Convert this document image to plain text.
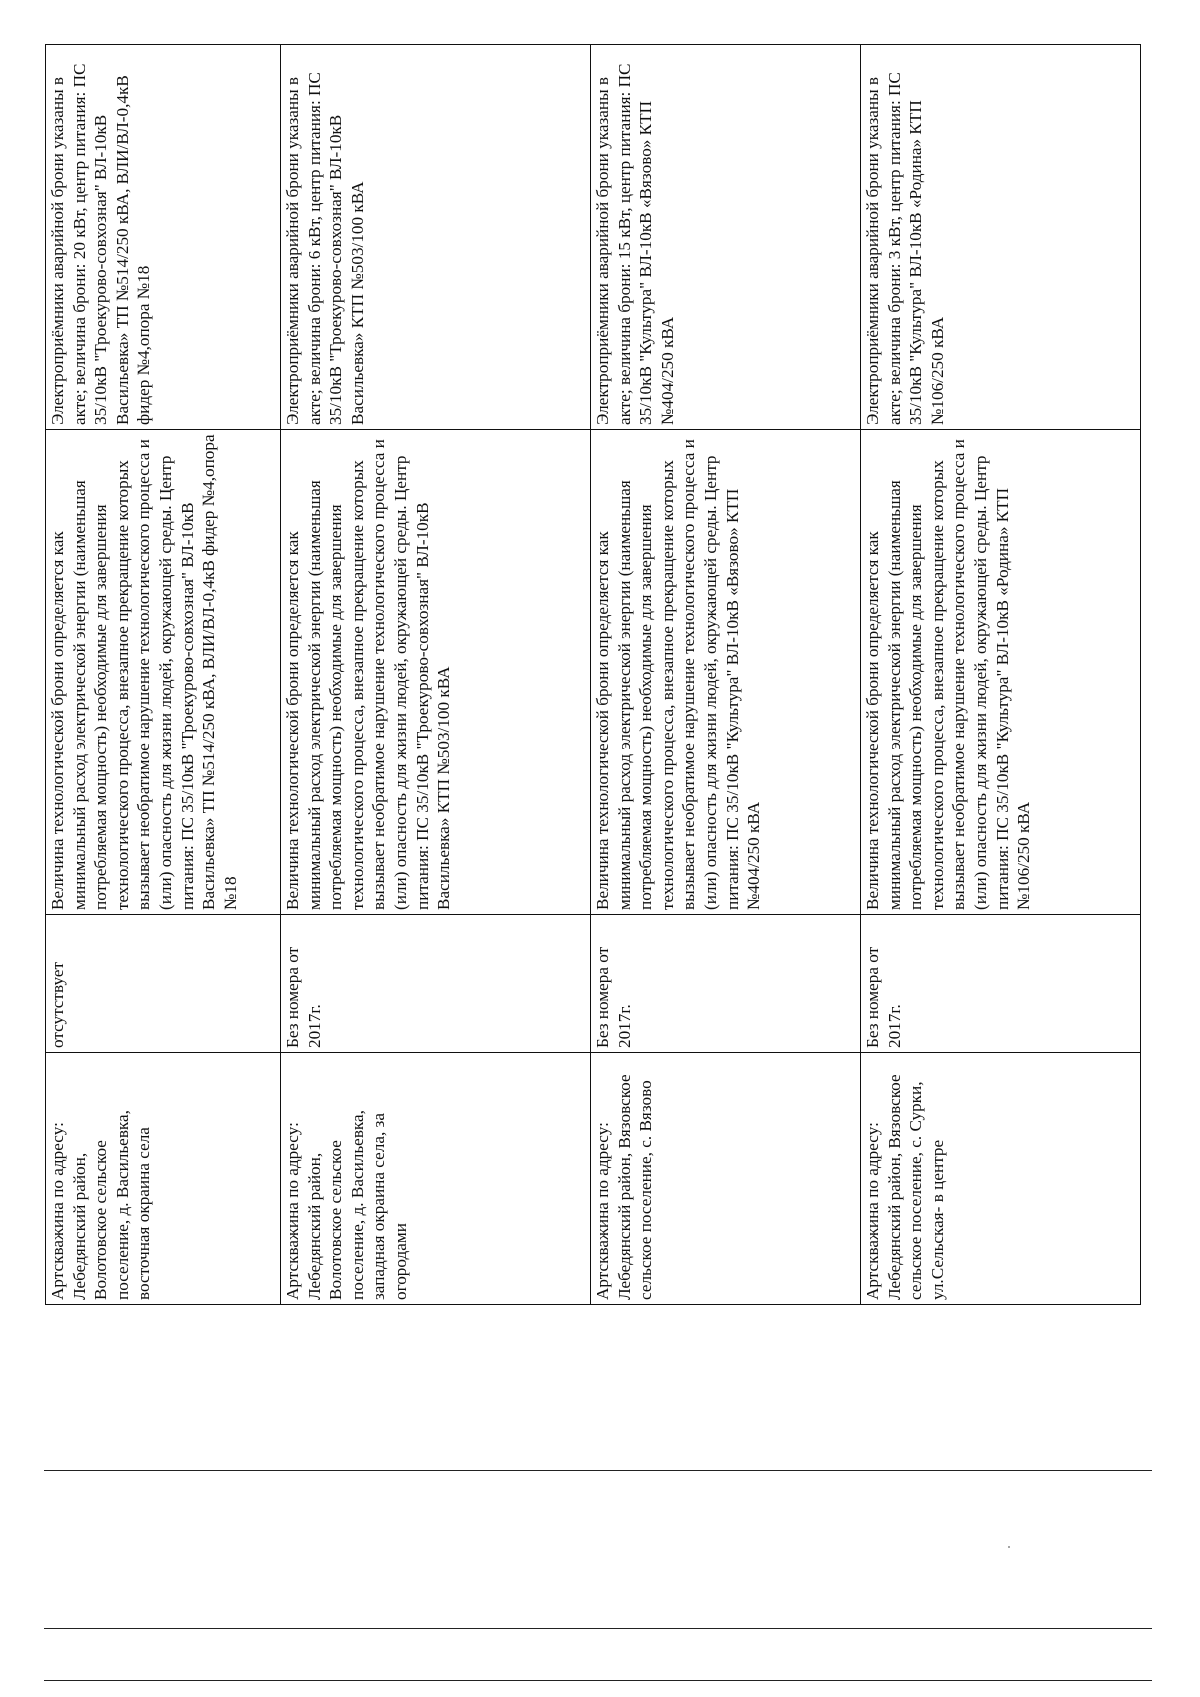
Артскважина по адресу: Лебедянский район, Волотовское сельское поселение, д. Васильевка, восточная окраина села	отсутствует	Величина технологической брони определяется как минимальный расход электрической энергии (наименьшая потребляемая мощность) необходимые для завершения технологического процесса, внезапное прекращение которых вызывает необратимое нарушение технологического процесса и (или) опасность для жизни людей, окружающей среды. Центр питания: ПС 35/10кВ "Троекурово-совхозная" ВЛ-10кВ Васильевка» ТП №514/250 кВА, ВЛИ/ВЛ-0,4кВ фидер №4,опора №18	Электроприёмники аварийной брони указаны в акте; величина брони: 20 кВт, центр питания: ПС 35/10кВ "Троекурово-совхозная" ВЛ-10кВ Васильевка» ТП №514/250 кВА, ВЛИ/ВЛ-0,4кВ фидер №4,опора №18
Артскважина по адресу: Лебедянский район, Волотовское сельское поселение, д. Васильевка, западная окраина села, за огородами	Без номера от 2017г.	Величина технологической брони определяется как минимальный расход электрической энергии (наименьшая потребляемая мощность) необходимые для завершения технологического процесса, внезапное прекращение которых вызывает необратимое нарушение технологического процесса и (или) опасность для жизни людей, окружающей среды. Центр питания: ПС 35/10кВ "Троекурово-совхозная" ВЛ-10кВ Васильевка» КТП №503/100 кВА	Электроприёмники аварийной брони указаны в акте; величина брони: 6 кВт, центр питания: ПС 35/10кВ "Троекурово-совхозная" ВЛ-10кВ Васильевка» КТП №503/100 кВА
Артскважина по адресу: Лебедянский район, Вязовское сельское поселение, с. Вязово	Без номера от 2017г.	Величина технологической брони определяется как минимальный расход электрической энергии (наименьшая потребляемая мощность) необходимые для завершения технологического процесса, внезапное прекращение которых вызывает необратимое нарушение технологического процесса и (или) опасность для жизни людей, окружающей среды. Центр питания: ПС 35/10кВ "Культура" ВЛ-10кВ «Вязово» КТП №404/250 кВА	Электроприёмники аварийной брони указаны в акте; величина брони: 15 кВт, центр питания: ПС 35/10кВ "Культура" ВЛ-10кВ «Вязово» КТП №404/250 кВА
Артскважина по адресу: Лебедянский район, Вязовское сельское поселение, с. Сурки, ул.Сельская- в центре	Без номера от 2017г.	Величина технологической брони определяется как минимальный расход электрической энергии (наименьшая потребляемая мощность) необходимые для завершения технологического процесса, внезапное прекращение которых вызывает необратимое нарушение технологического процесса и (или) опасность для жизни людей, окружающей среды. Центр питания: ПС 35/10кВ "Культура" ВЛ-10кВ «Родина» КТП №106/250 кВА	Электроприёмники аварийной брони указаны в акте; величина брони: 3 кВт, центр питания: ПС 35/10кВ "Культура" ВЛ-10кВ «Родина» КТП №106/250 кВА
